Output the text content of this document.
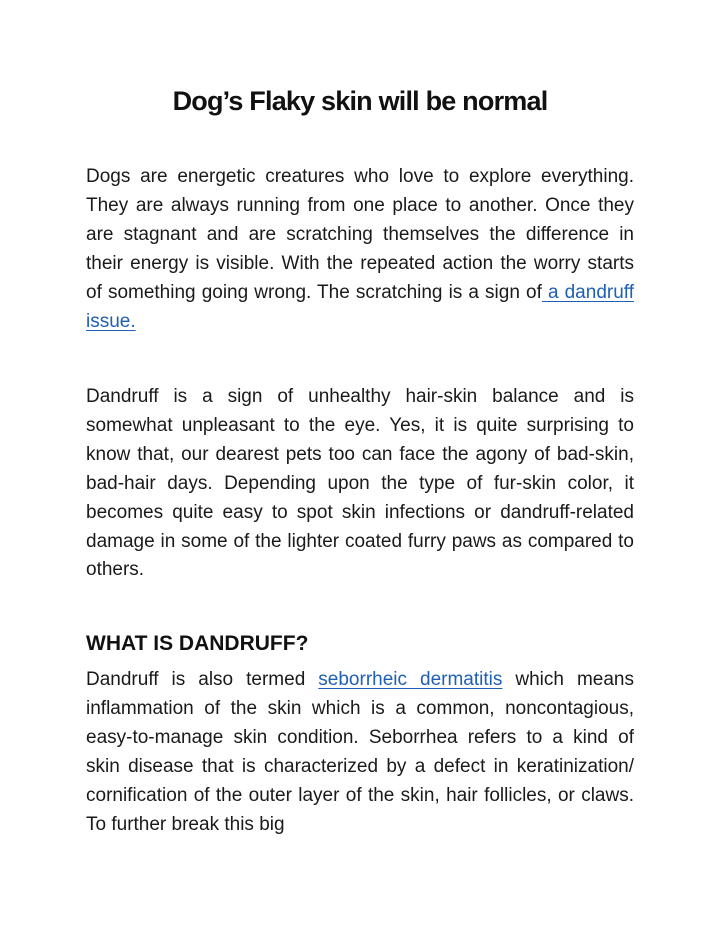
Dog’s Flaky skin will be normal

Dogs are energetic creatures who love to explore everything. They are always running from one place to another. Once they are stagnant and are scratching themselves the difference in their energy is visible. With the repeated action the worry starts of something going wrong. The scratching is a sign of a dandruff issue.

Dandruff is a sign of unhealthy hair-skin balance and is somewhat unpleasant to the eye. Yes, it is quite surprising to know that, our dearest pets too can face the agony of bad-skin, bad-hair days. Depending upon the type of fur-skin color, it becomes quite easy to spot skin infections or dandruff-related damage in some of the lighter coated furry paws as compared to others.

WHAT IS DANDRUFF?

Dandruff is also termed seborrheic dermatitis which means inflammation of the skin which is a common, noncontagious, easy-to-manage skin condition. Seborrhea refers to a kind of skin disease that is characterized by a defect in keratinization/ cornification of the outer layer of the skin, hair follicles, or claws. To further break this big
